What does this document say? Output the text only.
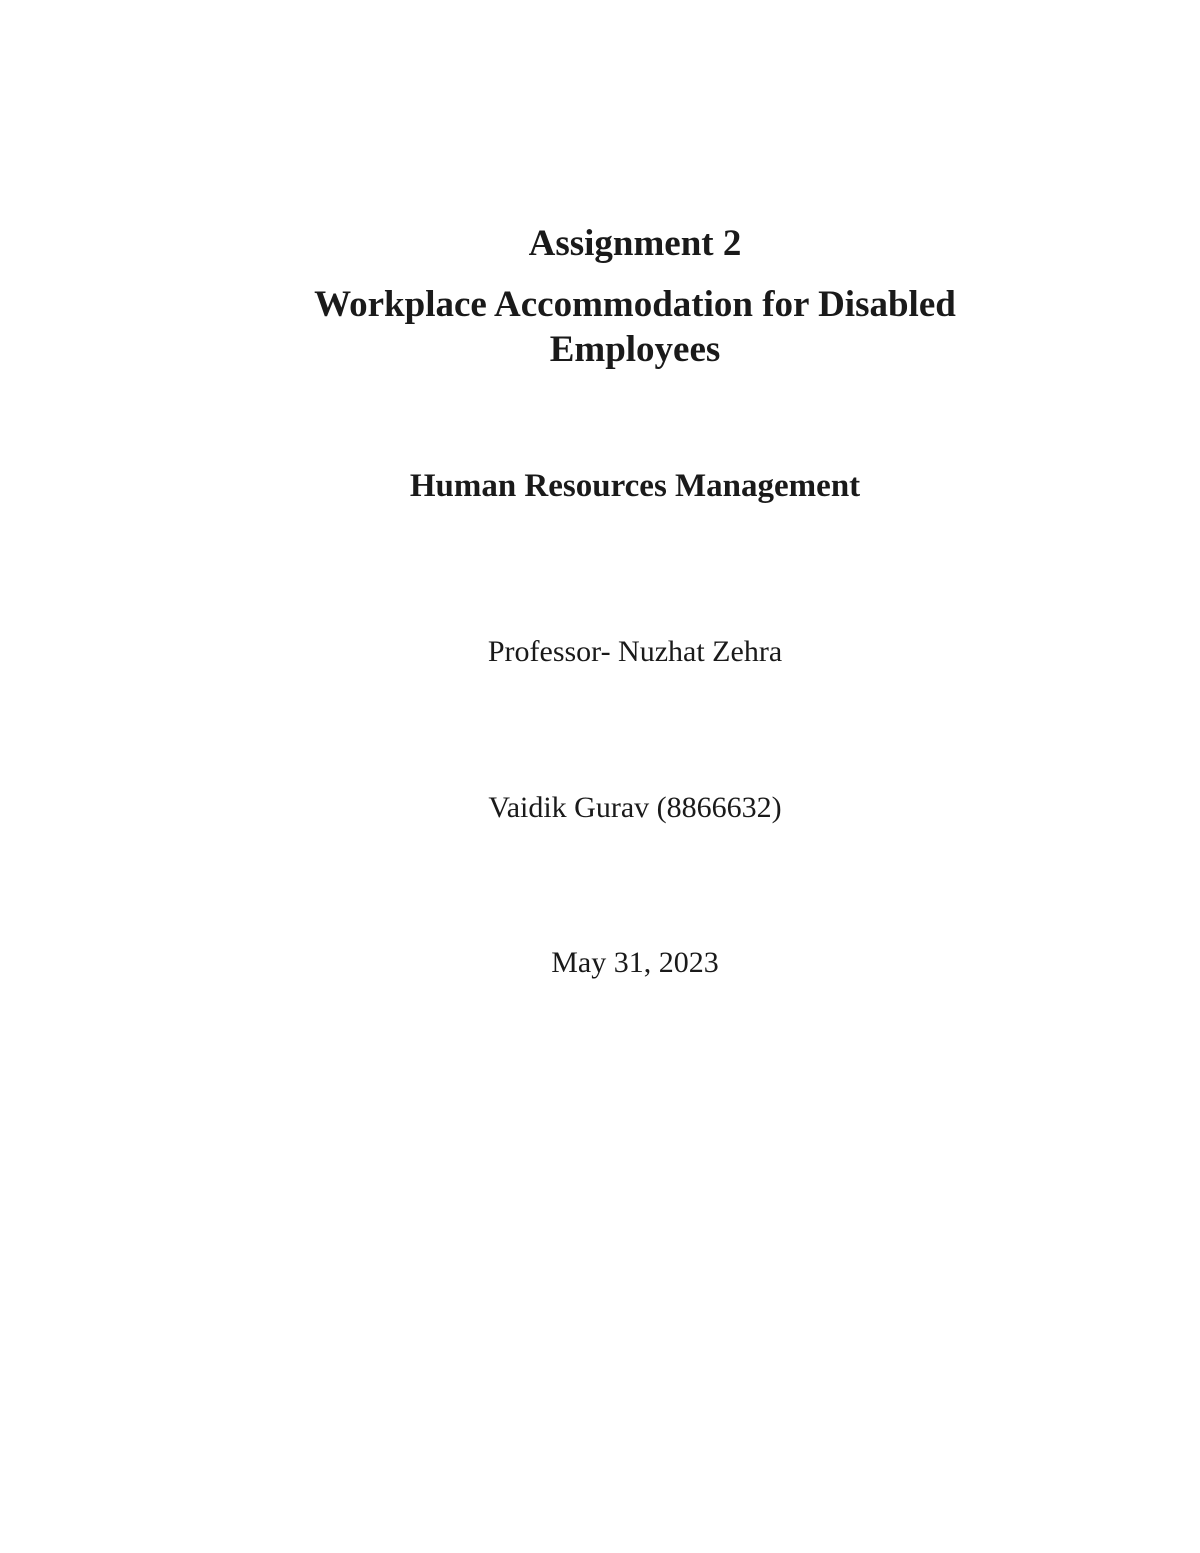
Assignment 2
Workplace Accommodation for Disabled
Employees
Human Resources Management

Professor- Nuzhat Zehra

Vaidik Gurav (8866632)

May 31, 2023
